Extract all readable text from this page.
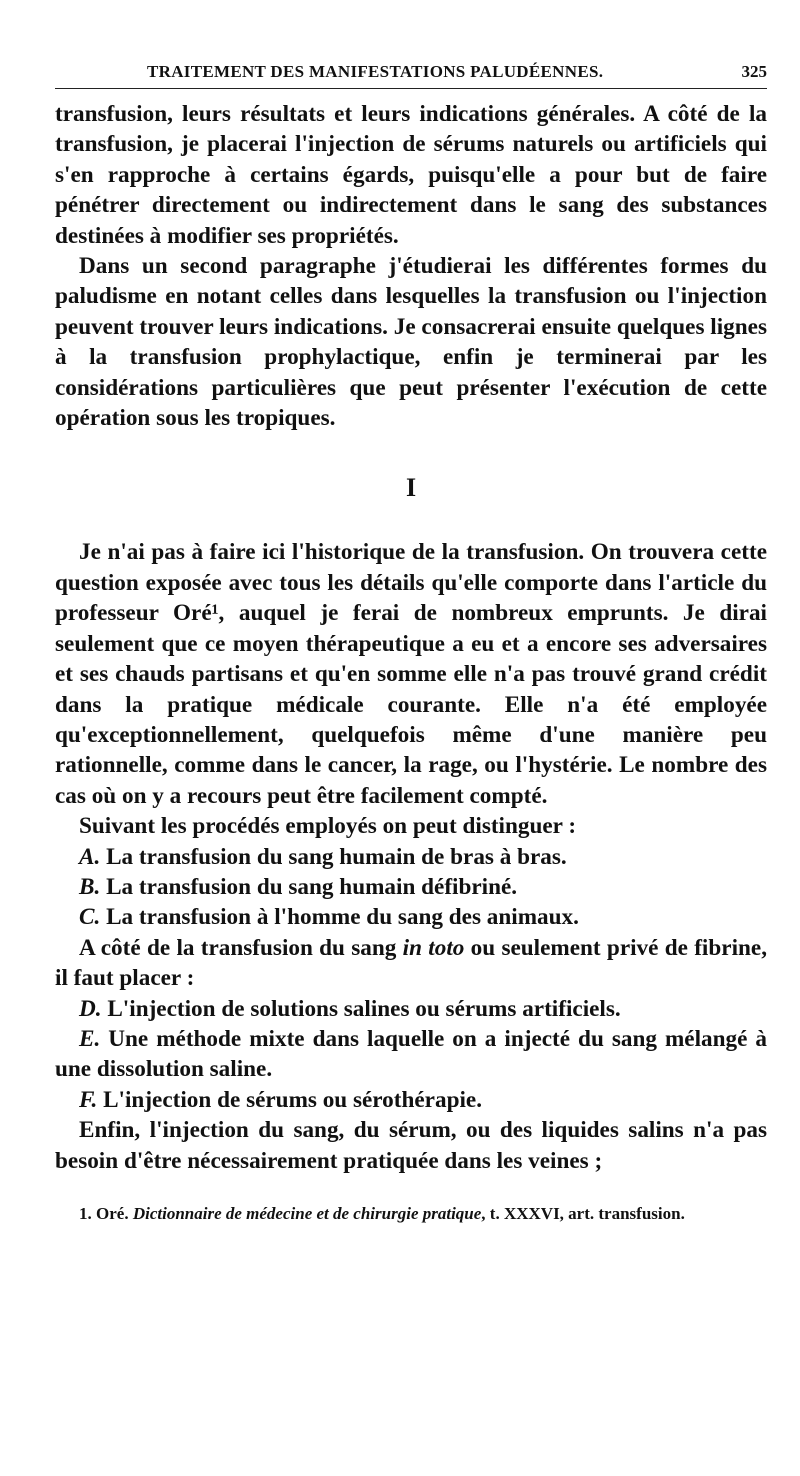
TRAITEMENT DES MANIFESTATIONS PALUDÉENNES.	325

transfusion, leurs résultats et leurs indications générales. A côté de la transfusion, je placerai l'injection de sérums naturels ou artificiels qui s'en rapproche à certains égards, puisqu'elle a pour but de faire pénétrer directement ou indirectement dans le sang des substances destinées à modifier ses propriétés.

Dans un second paragraphe j'étudierai les différentes formes du paludisme en notant celles dans lesquelles la transfusion ou l'injection peuvent trouver leurs indications. Je consacrerai ensuite quelques lignes à la transfusion prophylactique, enfin je terminerai par les considérations particulières que peut présenter l'exécution de cette opération sous les tropiques.

I

Je n'ai pas à faire ici l'historique de la transfusion. On trouvera cette question exposée avec tous les détails qu'elle comporte dans l'article du professeur Oré¹, auquel je ferai de nombreux emprunts. Je dirai seulement que ce moyen thérapeutique a eu et a encore ses adversaires et ses chauds partisans et qu'en somme elle n'a pas trouvé grand crédit dans la pratique médicale courante. Elle n'a été employée qu'exceptionnellement, quelquefois même d'une manière peu rationnelle, comme dans le cancer, la rage, ou l'hystérie. Le nombre des cas où on y a recours peut être facilement compté.

Suivant les procédés employés on peut distinguer :

A. La transfusion du sang humain de bras à bras.

B. La transfusion du sang humain défibriné.

C. La transfusion à l'homme du sang des animaux.

A côté de la transfusion du sang in toto ou seulement privé de fibrine, il faut placer :

D. L'injection de solutions salines ou sérums artificiels.

E. Une méthode mixte dans laquelle on a injecté du sang mélangé à une dissolution saline.

F. L'injection de sérums ou sérothérapie.

Enfin, l'injection du sang, du sérum, ou des liquides salins n'a pas besoin d'être nécessairement pratiquée dans les veines ;

1. Oré. Dictionnaire de médecine et de chirurgie pratique, t. XXXVI, art. transfusion.
